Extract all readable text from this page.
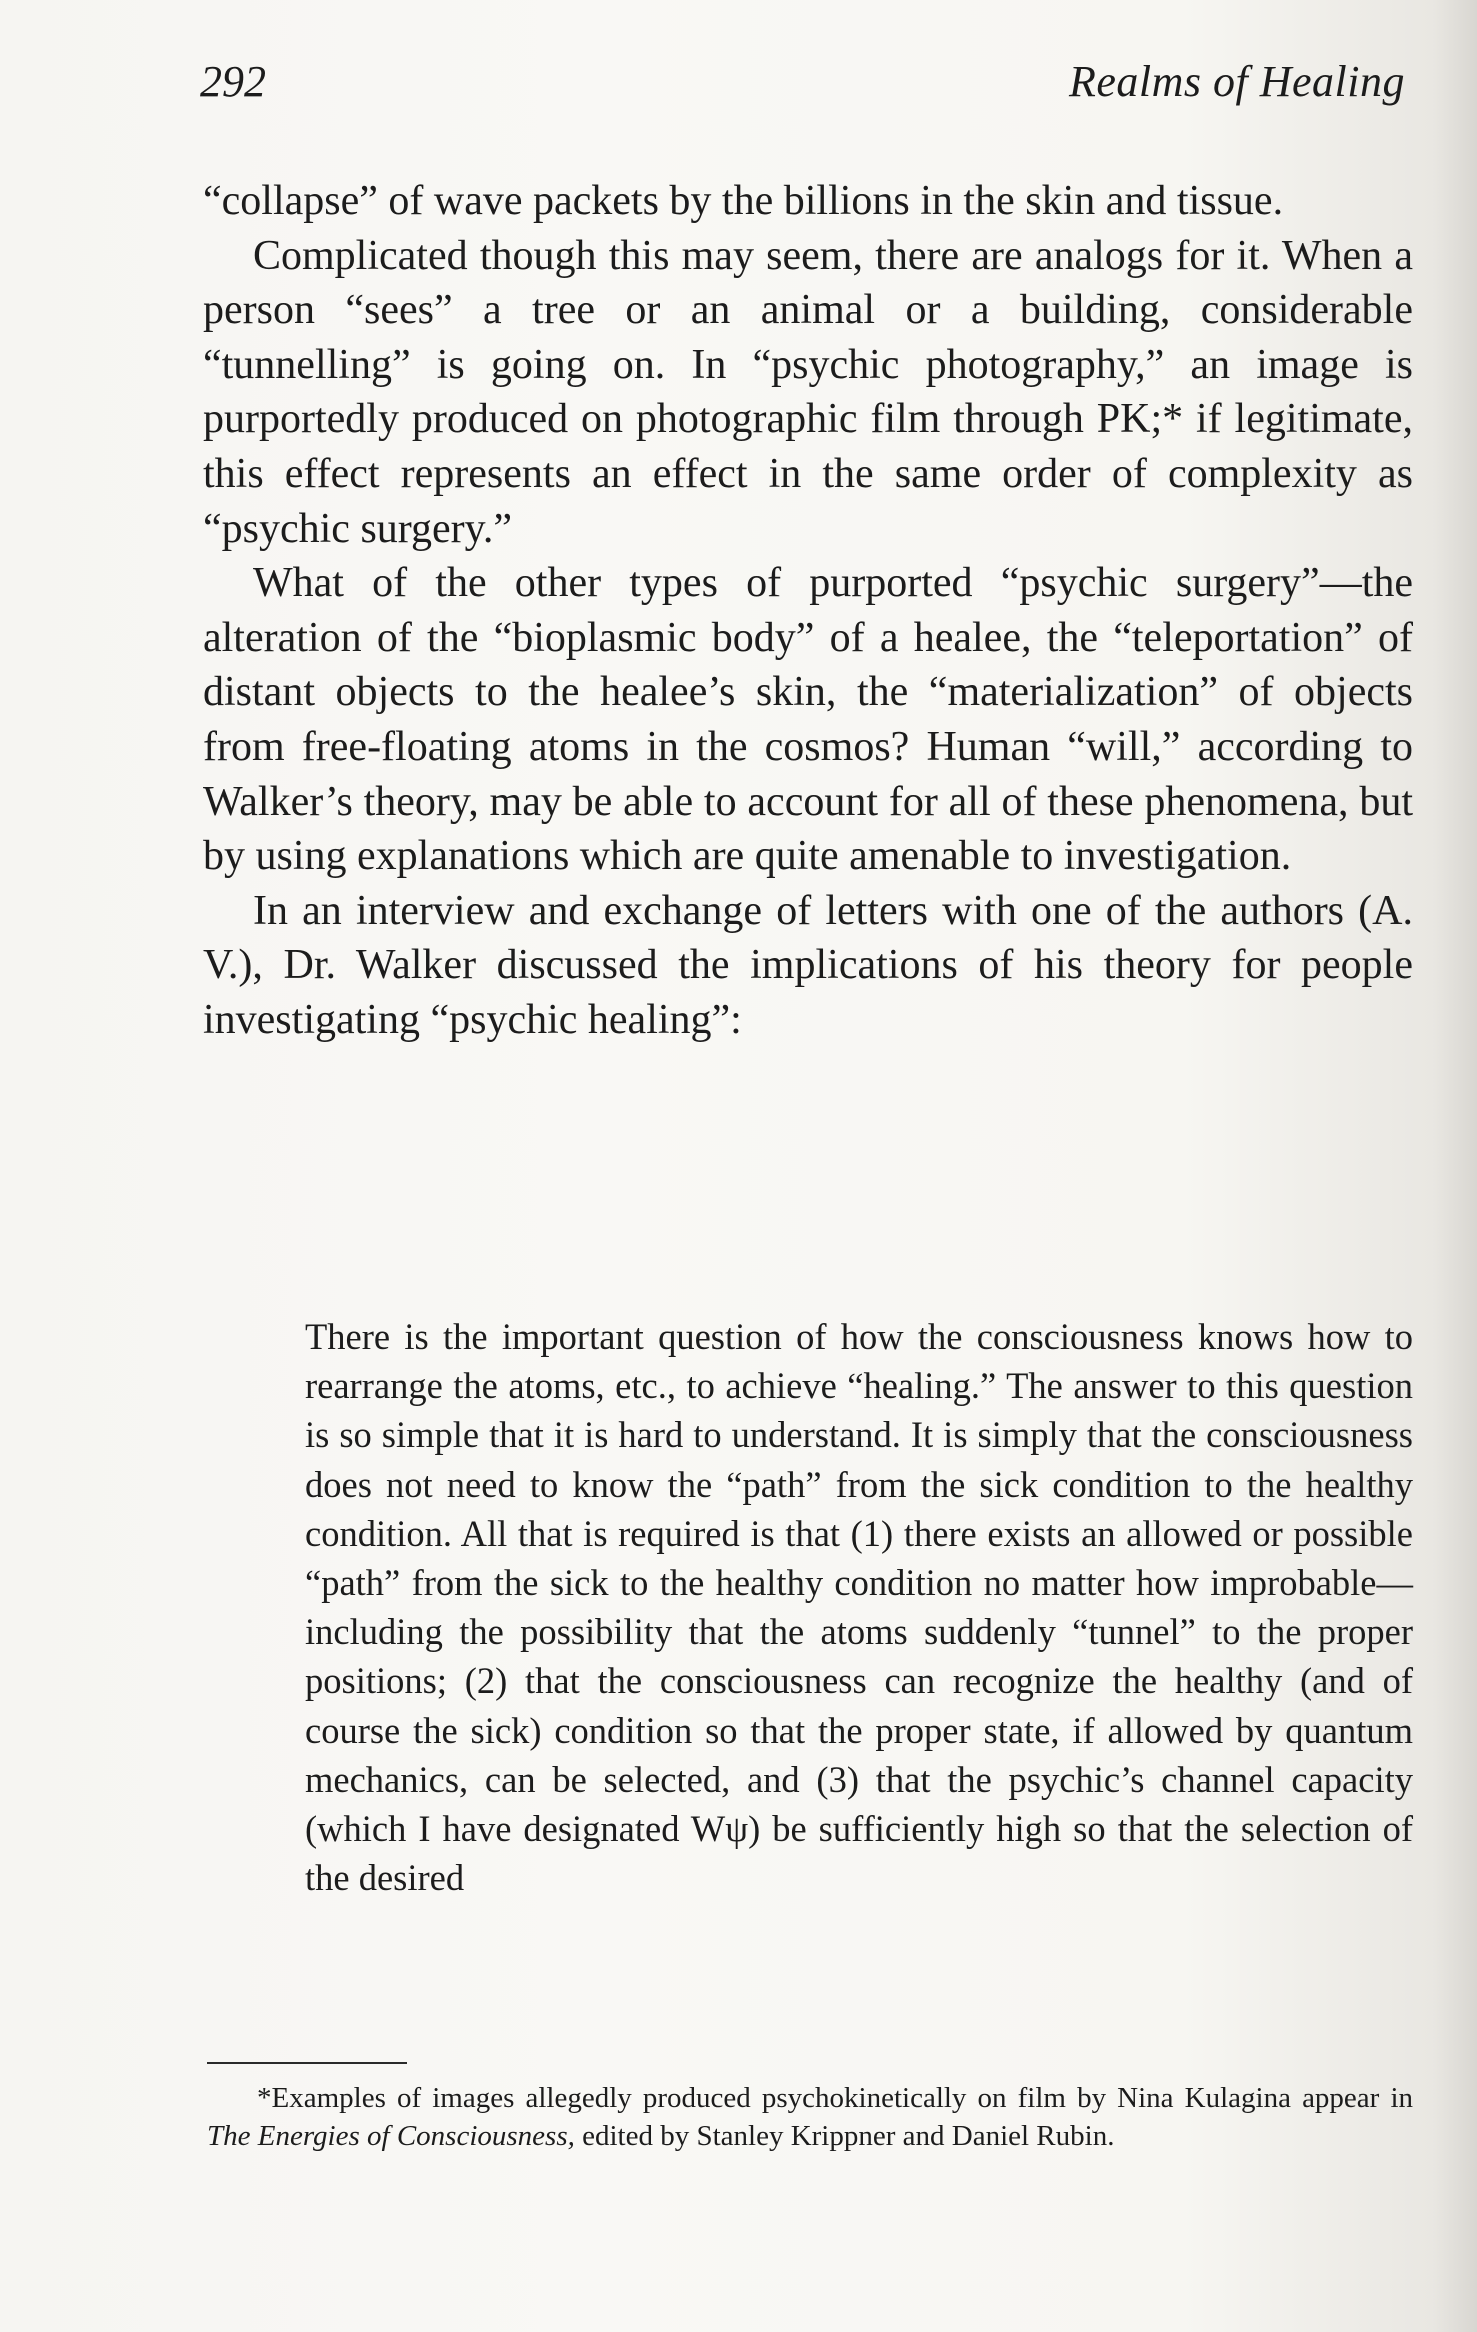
292	Realms of Healing

“collapse” of wave packets by the billions in the skin and tissue.

Complicated though this may seem, there are analogs for it. When a person “sees” a tree or an animal or a building, considerable “tunnelling” is going on. In “psychic photography,” an image is purportedly produced on photographic film through PK;* if legitimate, this effect represents an effect in the same order of complexity as “psychic surgery.”

What of the other types of purported “psychic surgery”—the alteration of the “bioplasmic body” of a healee, the “teleportation” of distant objects to the healee’s skin, the “materialization” of objects from free-floating atoms in the cosmos? Human “will,” according to Walker’s theory, may be able to account for all of these phenomena, but by using explanations which are quite amenable to investigation.

In an interview and exchange of letters with one of the authors (A. V.), Dr. Walker discussed the implications of his theory for people investigating “psychic healing”:

There is the important question of how the consciousness knows how to rearrange the atoms, etc., to achieve “healing.” The answer to this question is so simple that it is hard to understand. It is simply that the consciousness does not need to know the “path” from the sick condition to the healthy condition. All that is required is that (1) there exists an allowed or possible “path” from the sick to the healthy condition no matter how improbable—including the possibility that the atoms suddenly “tunnel” to the proper positions; (2) that the consciousness can recognize the healthy (and of course the sick) condition so that the proper state, if allowed by quantum mechanics, can be selected, and (3) that the psychic’s channel capacity (which I have designated Wψ) be sufficiently high so that the selection of the desired

*Examples of images allegedly produced psychokinetically on film by Nina Kulagina appear in The Energies of Consciousness, edited by Stanley Krippner and Daniel Rubin.
